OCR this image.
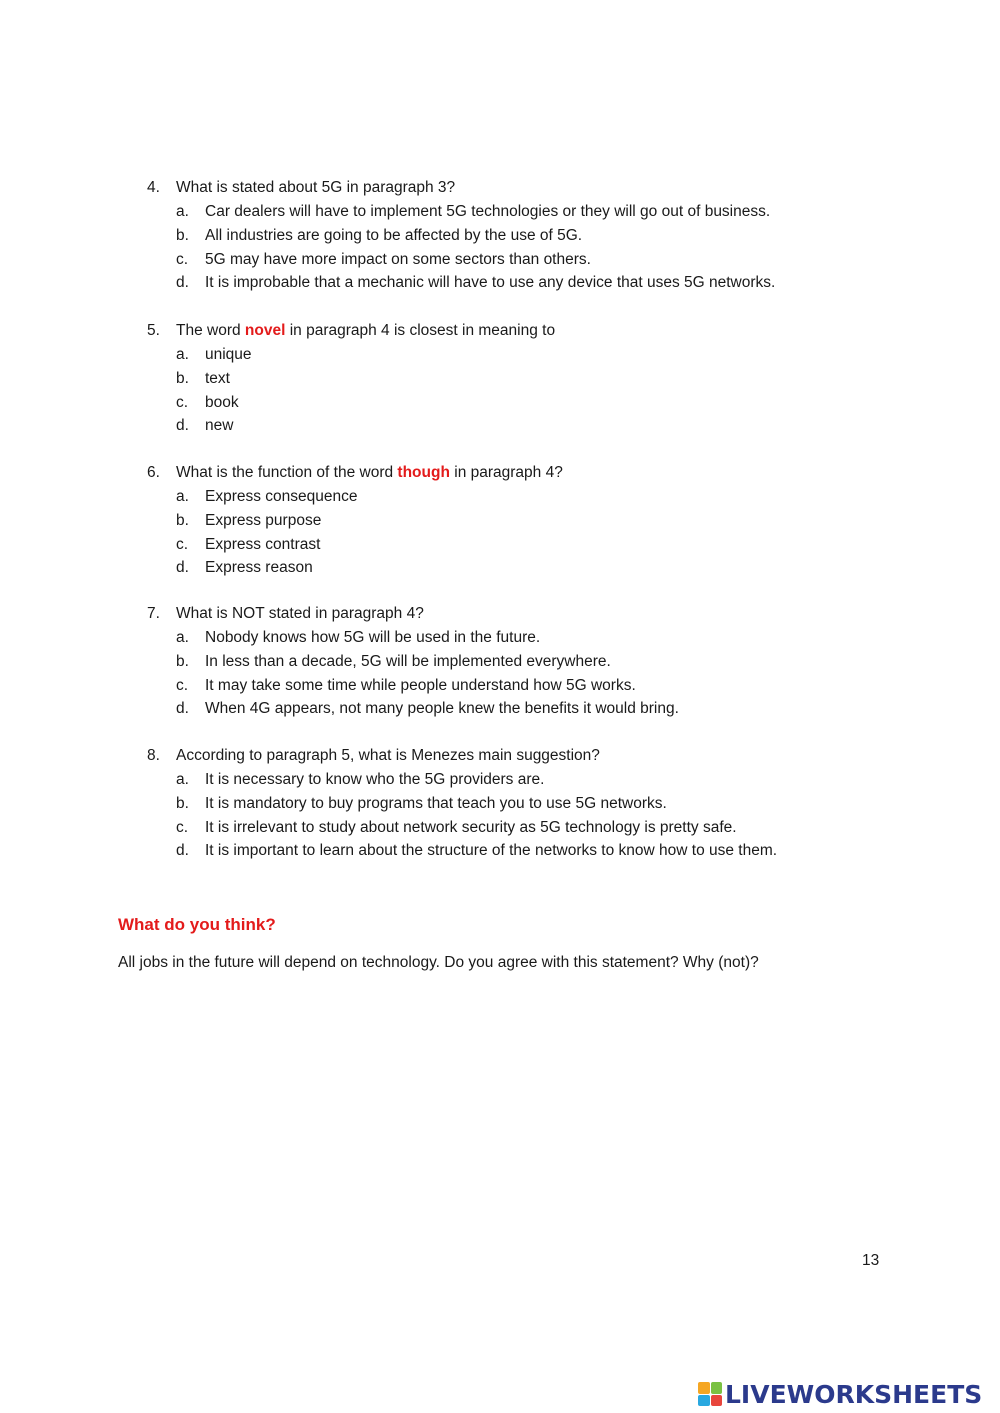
4.	What is stated about 5G in paragraph 3?
a.	Car dealers will have to implement 5G technologies or they will go out of business.
b.	All industries are going to be affected by the use of 5G.
c.	5G may have more impact on some sectors than others.
d.	It is improbable that a mechanic will have to use any device that uses 5G networks.
5.	The word novel in paragraph 4 is closest in meaning to
a.	unique
b.	text
c.	book
d.	new
6.	What is the function of the word though in paragraph 4?
a.	Express consequence
b.	Express purpose
c.	Express contrast
d.	Express reason
7.	What is NOT stated in paragraph 4?
a.	Nobody knows how 5G will be used in the future.
b.	In less than a decade, 5G will be implemented everywhere.
c.	It may take some time while people understand how 5G works.
d.	When 4G appears, not many people knew the benefits it would bring.
8.	According to paragraph 5, what is Menezes main suggestion?
a.	It is necessary to know who the 5G providers are.
b.	It is mandatory to buy programs that teach you to use 5G networks.
c.	It is irrelevant to study about network security as 5G technology is pretty safe.
d.	It is important to learn about the structure of the networks to know how to use them.
What do you think?
All jobs in the future will depend on technology. Do you agree with this statement? Why (not)?
13
LIVEWORKSHEETS
